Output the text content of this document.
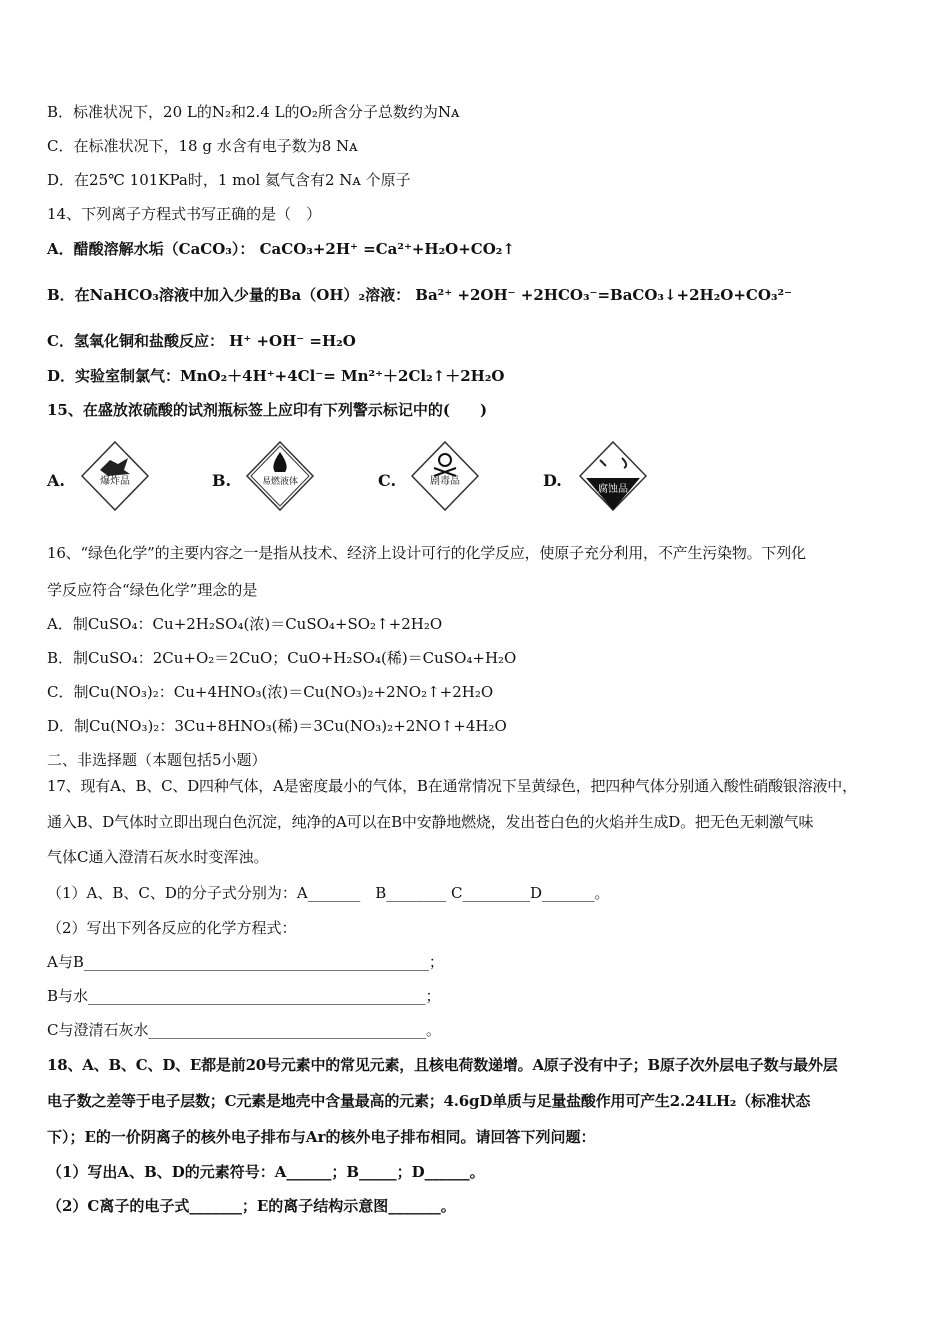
B．标准状况下，20 L的N₂和2.4 L的O₂所含分子总数约为Nᴀ
C．在标准状况下，18 g 水含有电子数为8 Nᴀ
D．在25℃ 101KPa时，1 mol 氦气含有2 Nᴀ 个原子
14、下列离子方程式书写正确的是（　）
A．醋酸溶解水垢（CaCO₃）： CaCO₃+2H⁺ =Ca²⁺+H₂O+CO₂↑
B．在NaHCO₃溶液中加入少量的Ba（OH）₂溶液： Ba²⁺ +2OH⁻ +2HCO₃⁻=BaCO₃↓+2H₂O+CO₃²⁻
C．氢氧化铜和盐酸反应： H⁺ +OH⁻ =H₂O
D．实验室制氯气：MnO₂＋4H⁺+4Cl⁻= Mn²⁺＋2Cl₂↑＋2H₂O
15、在盛放浓硫酸的试剂瓶标签上应印有下列警示标记中的(　　)
16、“绿色化学”的主要内容之一是指从技术、经济上设计可行的化学反应，使原子充分利用，不产生污染物。下列化
学反应符合“绿色化学”理念的是
A．制CuSO₄：Cu+2H₂SO₄(浓)＝CuSO₄+SO₂↑+2H₂O
B．制CuSO₄：2Cu+O₂＝2CuO；CuO+H₂SO₄(稀)＝CuSO₄+H₂O
C．制Cu(NO₃)₂：Cu+4HNO₃(浓)＝Cu(NO₃)₂+2NO₂↑+2H₂O
D．制Cu(NO₃)₂：3Cu+8HNO₃(稀)＝3Cu(NO₃)₂+2NO↑+4H₂O
二、非选择题（本题包括5小题）
17、现有A、B、C、D四种气体，A是密度最小的气体，B在通常情况下呈黄绿色，把四种气体分别通入酸性硝酸银溶液中，
通入B、D气体时立即出现白色沉淀，纯净的A可以在B中安静地燃烧，发出苍白色的火焰并生成D。把无色无刺激气味
气体C通入澄清石灰水时变浑浊。
（1）A、B、C、D的分子式分别为：A_______　B________ C_________D_______。
（2）写出下列各反应的化学方程式：
A与B______________________________________________；
B与水_____________________________________________；
C与澄清石灰水_____________________________________。
18、A、B、C、D、E都是前20号元素中的常见元素，且核电荷数递增。A原子没有中子；B原子次外层电子数与最外层
电子数之差等于电子层数；C元素是地壳中含量最高的元素；4.6gD单质与足量盐酸作用可产生2.24LH₂（标准状态
下）；E的一价阴离子的核外电子排布与Ar的核外电子排布相同。请回答下列问题：
（1）写出A、B、D的元素符号：A______；B_____；D______。
（2）C离子的电子式_______；E的离子结构示意图_______。
A.	爆炸品	B.	易燃液体	C.	剧毒品	D.	腐蚀品
